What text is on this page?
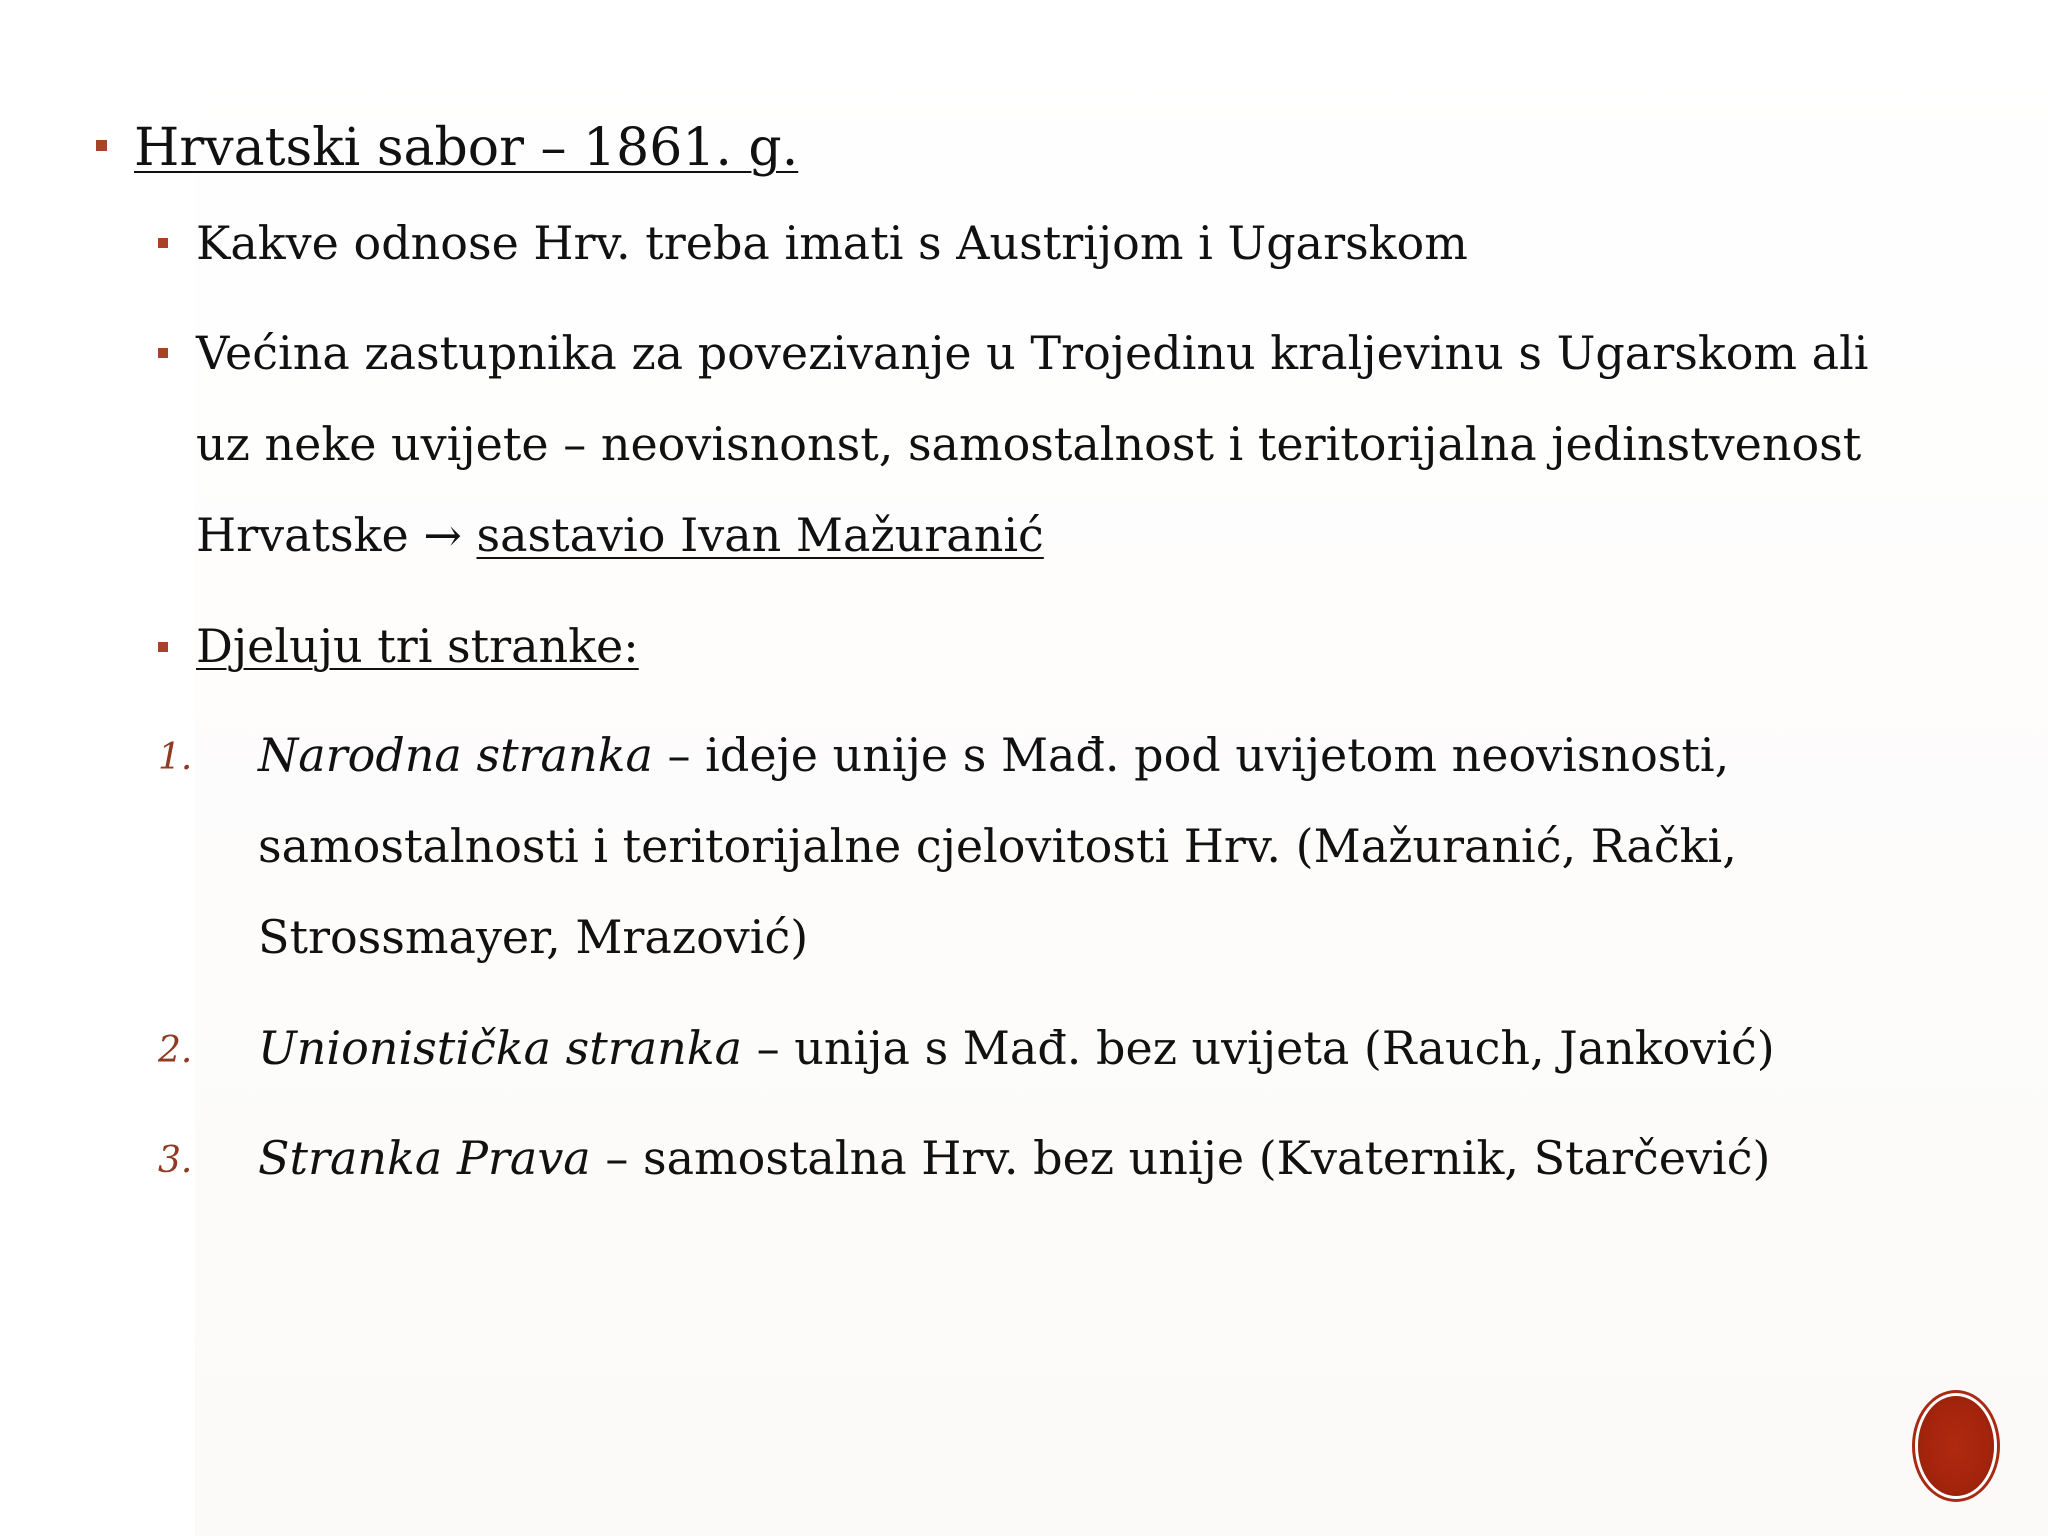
Hrvatski sabor – 1861. g.
Kakve odnose Hrv. treba imati s Austrijom i Ugarskom
Većina zastupnika za povezivanje u Trojedinu kraljevinu s Ugarskom ali
uz neke uvijete – neovisnonst, samostalnost i teritorijalna jedinstvenost
Hrvatske → sastavio Ivan Mažuranić
Djeluju tri stranke:
1. Narodna stranka – ideje unije s Mađ. pod uvijetom neovisnosti,
samostalnosti i teritorijalne cjelovitosti Hrv. (Mažuranić, Rački,
Strossmayer, Mrazović)
2. Unionistička stranka – unija s Mađ. bez uvijeta (Rauch, Janković)
3. Stranka Prava – samostalna Hrv. bez unije (Kvaternik, Starčević)
